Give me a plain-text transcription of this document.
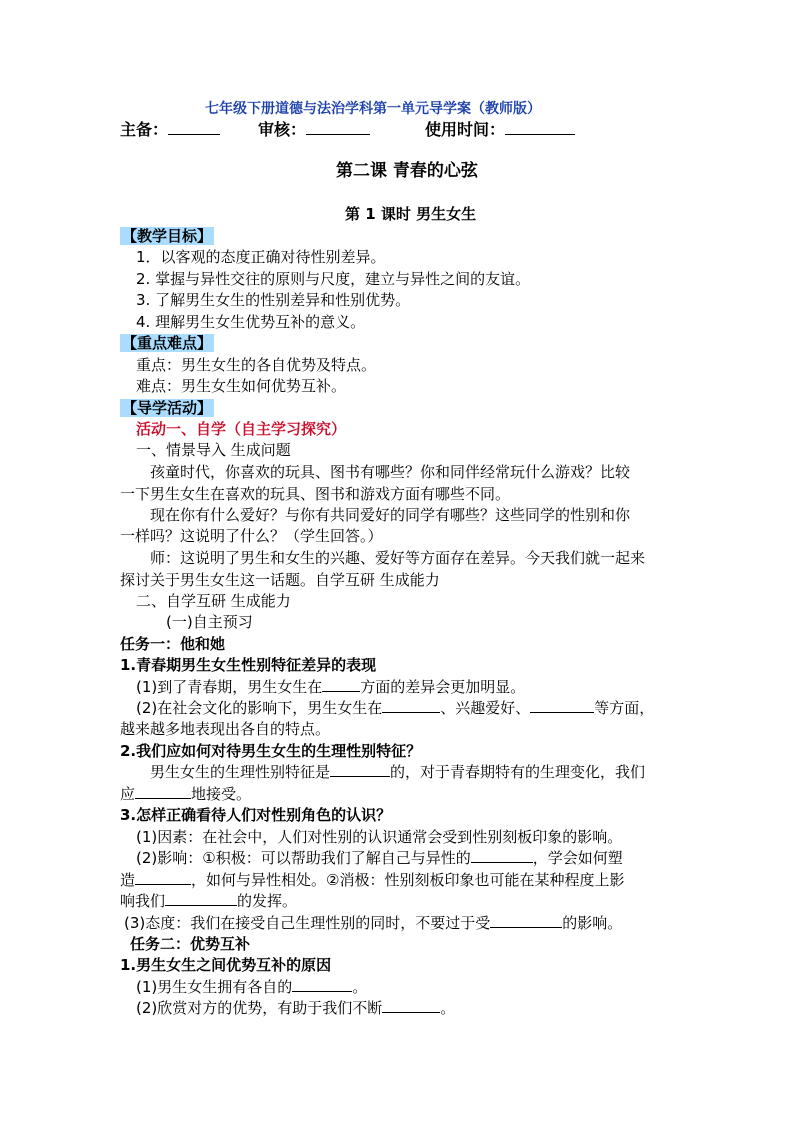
七年级下册道德与法治学科第一单元导学案（教师版）
主备：	审核：	使用时间：
第二课 青春的心弦
第 1 课时 男生女生
【教学目标】
1．以客观的态度正确对待性别差异。
2. 掌握与异性交往的原则与尺度，建立与异性之间的友谊。
3. 了解男生女生的性别差异和性别优势。
4. 理解男生女生优势互补的意义。
【重点难点】
重点：男生女生的各自优势及特点。
难点：男生女生如何优势互补。
【导学活动】
活动一、自学（自主学习探究）
一、情景导入 生成问题
孩童时代，你喜欢的玩具、图书有哪些？你和同伴经常玩什么游戏？比较
一下男生女生在喜欢的玩具、图书和游戏方面有哪些不同。
现在你有什么爱好？与你有共同爱好的同学有哪些？这些同学的性别和你
一样吗？这说明了什么？（学生回答。）
师：这说明了男生和女生的兴趣、爱好等方面存在差异。今天我们就一起来
探讨关于男生女生这一话题。自学互研 生成能力
二、自学互研 生成能力
(一)自主预习
任务一：他和她
1.青春期男生女生性别特征差异的表现
(1)到了青春期，男生女生在	方面的差异会更加明显。
(2)在社会文化的影响下，男生女生在	、兴趣爱好、	等方面，
越来越多地表现出各自的特点。
2.我们应如何对待男生女生的生理性别特征？
男生女生的生理性别特征是	的，对于青春期特有的生理变化，我们
应	地接受。
3.怎样正确看待人们对性别角色的认识？
(1)因素：在社会中，人们对性别的认识通常会受到性别刻板印象的影响。
(2)影响：①积极：可以帮助我们了解自己与异性的	，学会如何塑
造	，如何与异性相处。②消极：性别刻板印象也可能在某种程度上影
响我们	的发挥。
(3)态度：我们在接受自己生理性别的同时，不要过于受	的影响。
任务二：优势互补
1.男生女生之间优势互补的原因
(1)男生女生拥有各自的	。
(2)欣赏对方的优势，有助于我们不断	。
